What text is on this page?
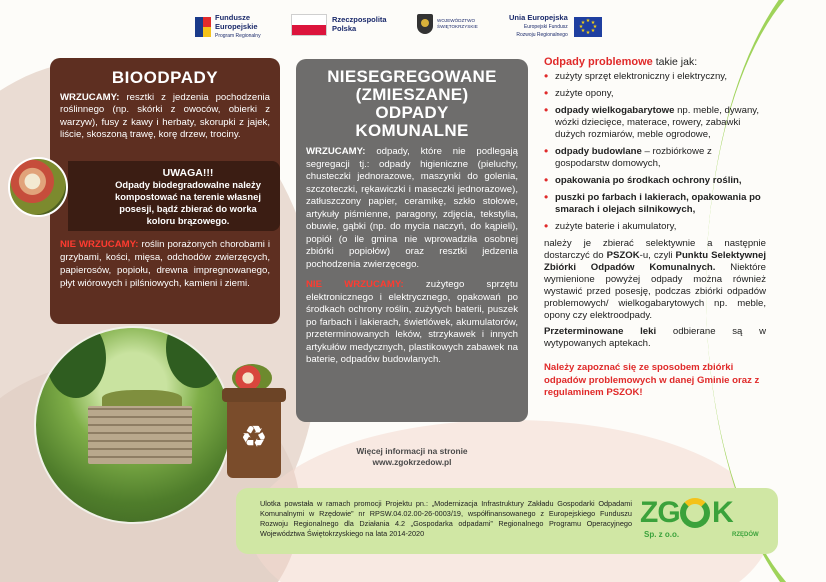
Fundusze
Europejskie
Program Regionalny
Rzeczpospolita
Polska
WOJEWÓDZTWO
ŚWIĘTOKRZYSKIE
Unia Europejska
Europejski Fundusz
Rozwoju Regionalnego
★
★
★ ★
★ ★
★ ★
BIOODPADY
WRZUCAMY: resztki z jedzenia pochodzenia roślinnego (np. skórki z owoców, obierki z warzyw), fusy z kawy i herbaty, skorupki z jajek, liście, skoszoną trawę, korę drzew, trociny.
UWAGA!!!
Odpady biodegradowalne należy kompostować na terenie własnej posesji, bądź zbierać do worka koloru brązowego.
NIE WRZUCAMY: roślin porażonych chorobami i grzybami, kości, mięsa, odchodów zwierzęcych, papierosów, popiołu, drewna impregnowanego, płyt wiórowych i pilśniowych, kamieni i ziemi.
♻
NIESEGREGOWANE
(ZMIESZANE)
ODPADY
KOMUNALNE
WRZUCAMY: odpady, które nie podlegają segregacji tj.: odpady higieniczne (pieluchy, chusteczki jednorazowe, maszynki do golenia, szczoteczki, rękawiczki i maseczki jednorazowe), zatłuszczony papier, ceramikę, szkło stołowe, artykuły piśmienne, paragony, zdjęcia, tekstylia, obuwie, gąbki (np. do mycia naczyń, do kąpieli), popiół (o ile gmina nie wprowadziła osobnej zbiórki popiołów) oraz resztki jedzenia pochodzenia zwierzęcego.
NIE WRZUCAMY: zużytego sprzętu elektronicznego i elektrycznego, opakowań po środkach ochrony roślin, zużytych baterii, puszek po farbach i lakierach, świetlówek, akumulatorów, przeterminowanych leków, strzykawek i innych artykułów medycznych, plastikowych zabawek na baterie, odpadów budowlanych.
Więcej informacji na stronie
www.zgokrzedow.pl
Odpady problemowe takie jak:
• zużyty sprzęt elektroniczny i elektryczny,
• zużyte opony,
• odpady wielkogabarytowe np. meble, dywany, wózki dziecięce, materace, rowery, zabawki dużych rozmiarów, meble ogrodowe,
• odpady budowlane – rozbiórkowe z gospodarstw domowych,
• opakowania po środkach ochrony roślin,
• puszki po farbach i lakierach, opakowania po smarach i olejach silnikowych,
• zużyte baterie i akumulatory,
należy je zbierać selektywnie a następnie dostarczyć do PSZOK-u, czyli Punktu Selektywnej Zbiórki Odpadów Komunalnych. Niektóre wymienione powyżej odpady można również wystawić przed posesję, podczas zbiórki odpadów problemowych/ wielkogabarytowych np. meble, opony czy elektroodpady.
Przeterminowane leki odbierane są w wytypowanych aptekach.
Należy zapoznać się ze sposobem zbiórki odpadów problemowych w danej Gminie oraz z regulaminem PSZOK!
Ulotka powstała w ramach promocji Projektu pn.: „Modernizacja Infrastruktury Zakładu Gospodarki Odpadami Komunalnymi w Rzędowie” nr RPSW.04.02.00-26-0003/19, współfinansowanego z Europejskiego Funduszu Rozwoju Regionalnego dla Działania 4.2 „Gospodarka odpadami” Regionalnego Programu Operacyjnego Województwa Świętokrzyskiego na lata 2014-2020
ZG K
Sp. z o.o.	RZĘDÓW
